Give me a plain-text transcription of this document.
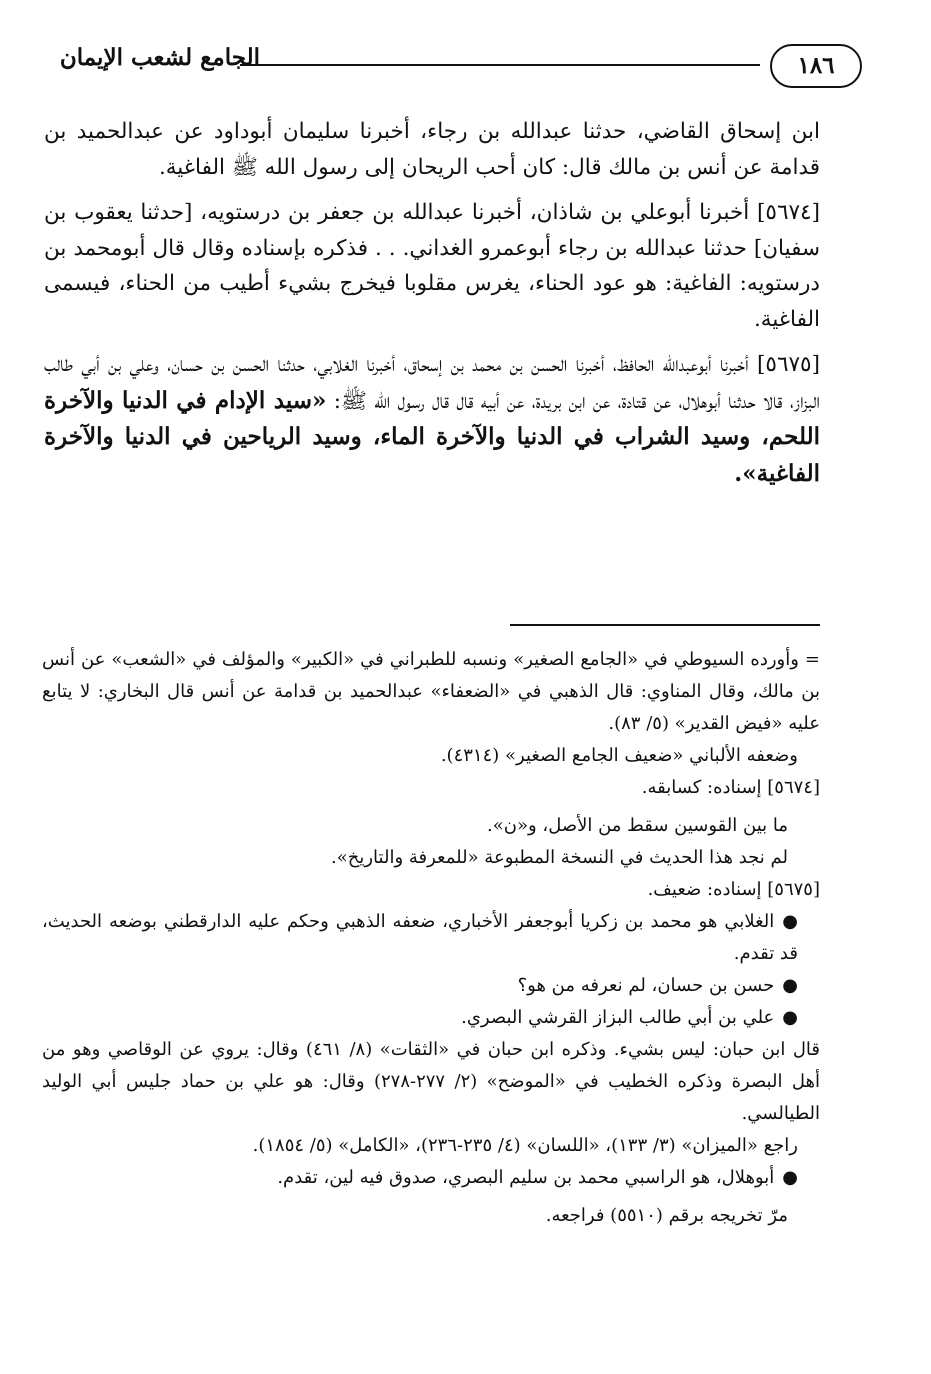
الجامع لشعب الإيمان	١٨٦

ابن إسحاق القاضي، حدثنا عبدالله بن رجاء، أخبرنا سليمان أبوداود عن عبدالحميد بن قدامة عن أنس بن مالك قال: كان أحب الريحان إلى رسول الله ﷺ الفاغية.

[٥٦٧٤] أخبرنا أبوعلي بن شاذان، أخبرنا عبدالله بن جعفر بن درستويه، [حدثنا يعقوب بن سفيان] حدثنا عبدالله بن رجاء أبوعمرو الغداني. . . فذكره بإسناده وقال قال أبومحمد بن درستويه: الفاغية: هو عود الحناء، يغرس مقلوبا فيخرج بشيء أطيب من الحناء، فيسمى الفاغية.

[٥٦٧٥] أخبرنا أبوعبدالله الحافظ، أخبرنا الحسن بن محمد بن إسحاق، أخبرنا الغلابي، حدثنا الحسن بن حسان، وعلي بن أبي طالب البزاز، قالا حدثنا أبوهلال، عن قتادة، عن ابن بريدة، عن أبيه قال قال رسول الله ﷺ: «سيد الإدام في الدنيا والآخرة اللحم، وسيد الشراب في الدنيا والآخرة الماء، وسيد الرياحين في الدنيا والآخرة الفاغية».

= وأورده السيوطي في «الجامع الصغير» ونسبه للطبراني في «الكبير» والمؤلف في «الشعب» عن أنس بن مالك، وقال المناوي: قال الذهبي في «الضعفاء» عبدالحميد بن قدامة عن أنس قال البخاري: لا يتابع عليه «فيض القدير» (٥/ ٨٣).

وضعفه الألباني «ضعيف الجامع الصغير» (٤٣١٤).

[٥٦٧٤] إسناده: كسابقه.

ما بين القوسين سقط من الأصل، و«ن».

لم نجد هذا الحديث في النسخة المطبوعة «للمعرفة والتاريخ».

[٥٦٧٥] إسناده: ضعيف.

●الغلابي هو محمد بن زكريا أبوجعفر الأخباري، ضعفه الذهبي وحكم عليه الدارقطني بوضعه الحديث، قد تقدم.

●حسن بن حسان، لم نعرفه من هو؟

●علي بن أبي طالب البزاز القرشي البصري.

قال ابن حبان: ليس بشيء. وذكره ابن حبان في «الثقات» (٨/ ٤٦١) وقال: يروي عن الوقاصي وهو من أهل البصرة وذكره الخطيب في «الموضح» (٢/ ٢٧٧-٢٧٨) وقال: هو علي بن حماد جليس أبي الوليد الطيالسي.

راجع «الميزان» (٣/ ١٣٣)، «اللسان» (٤/ ٢٣٥-٢٣٦)، «الكامل» (٥/ ١٨٥٤).

●أبوهلال، هو الراسبي محمد بن سليم البصري، صدوق فيه لين، تقدم.

مرّ تخريجه برقم (٥٥١٠) فراجعه.
